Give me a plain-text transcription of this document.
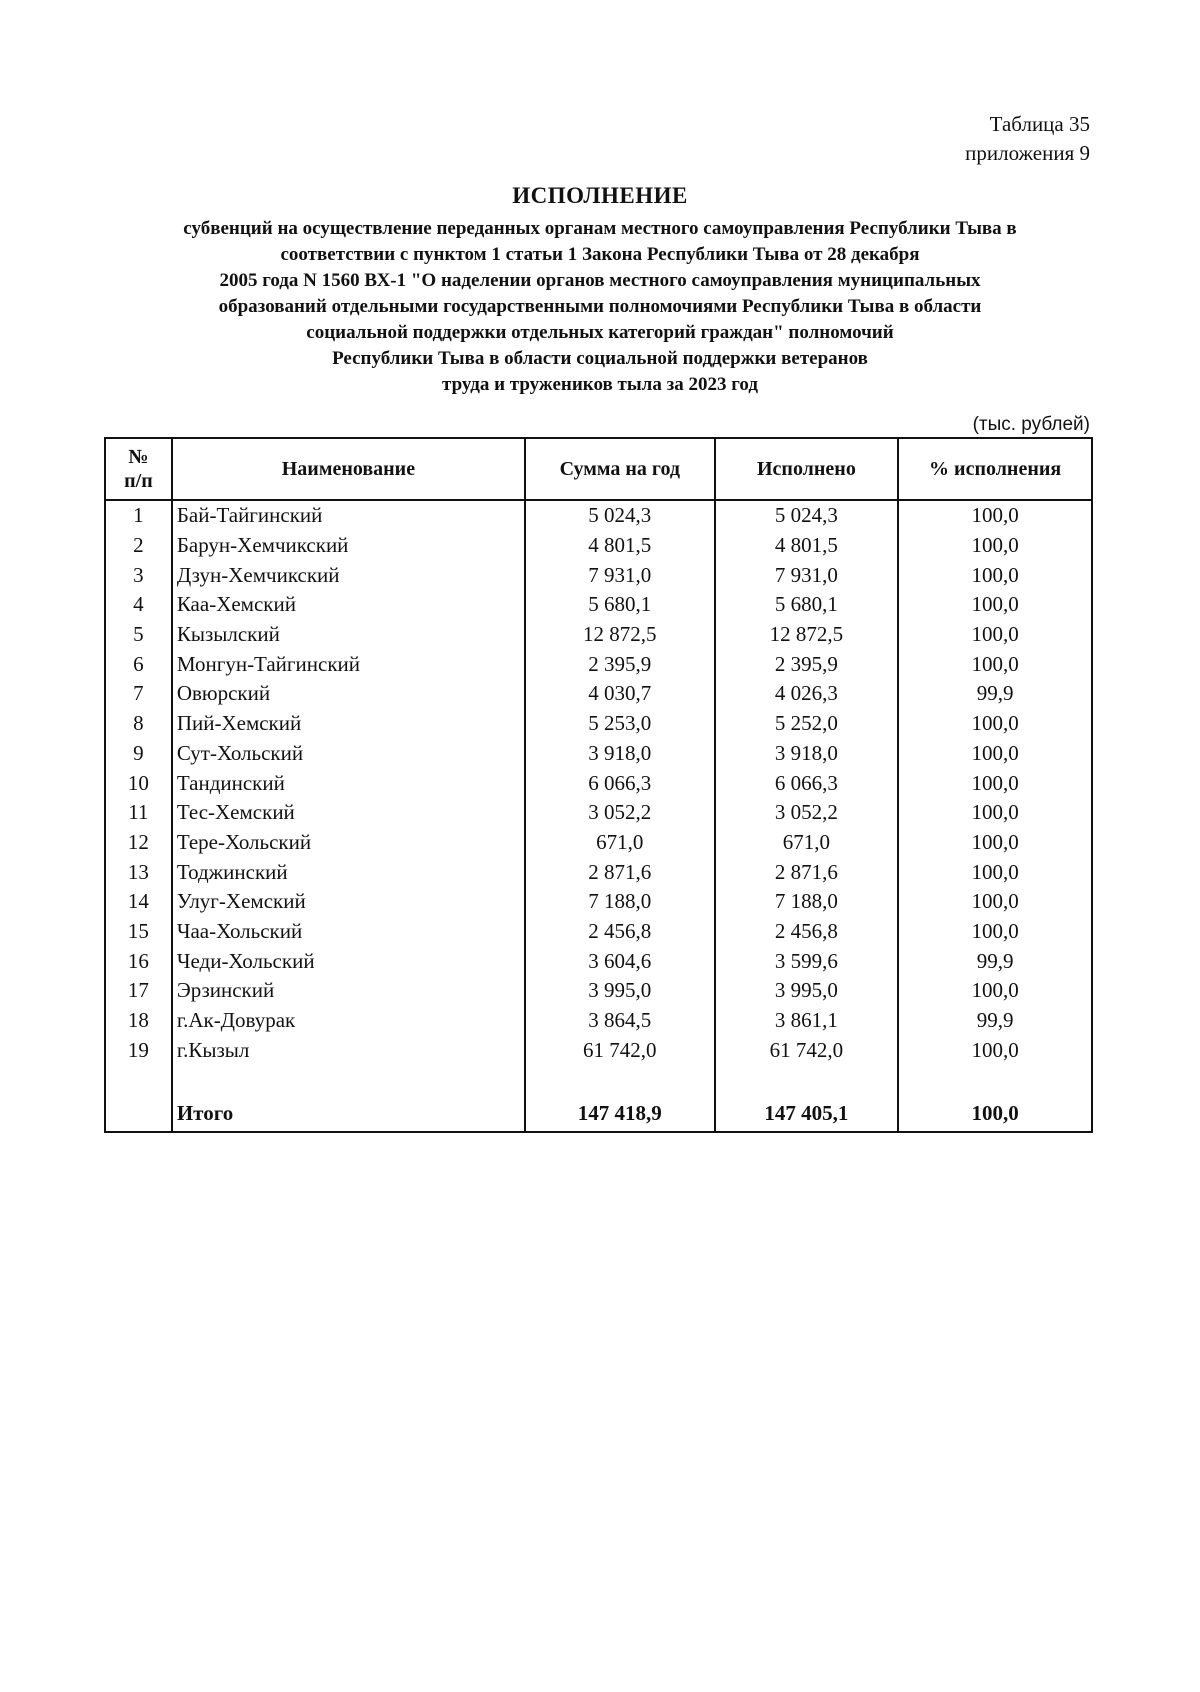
Таблица 35
приложения 9
ИСПОЛНЕНИЕ
субвенций на осуществление переданных органам местного самоуправления Республики Тыва в
соответствии с пунктом 1 статьи 1 Закона Республики Тыва от 28 декабря
2005 года N 1560 ВХ-1 "О наделении органов местного самоуправления муниципальных
образований отдельными государственными полномочиями Республики Тыва в области
социальной поддержки отдельных категорий граждан" полномочий
Республики Тыва в области социальной поддержки ветеранов
труда и тружеников тыла за 2023 год
(тыс. рублей)
№
п/п	Наименование	Сумма на год	Исполнено	% исполнения
1	Бай-Тайгинский	5 024,3	5 024,3	100,0
2	Барун-Хемчикский	4 801,5	4 801,5	100,0
3	Дзун-Хемчикский	7 931,0	7 931,0	100,0
4	Каа-Хемский	5 680,1	5 680,1	100,0
5	Кызылский	12 872,5	12 872,5	100,0
6	Монгун-Тайгинский	2 395,9	2 395,9	100,0
7	Овюрский	4 030,7	4 026,3	99,9
8	Пий-Хемский	5 253,0	5 252,0	100,0
9	Сут-Хольский	3 918,0	3 918,0	100,0
10	Тандинский	6 066,3	6 066,3	100,0
11	Тес-Хемский	3 052,2	3 052,2	100,0
12	Тере-Хольский	671,0	671,0	100,0
13	Тоджинский	2 871,6	2 871,6	100,0
14	Улуг-Хемский	7 188,0	7 188,0	100,0
15	Чаа-Хольский	2 456,8	2 456,8	100,0
16	Чеди-Хольский	3 604,6	3 599,6	99,9
17	Эрзинский	3 995,0	3 995,0	100,0
18	г.Ак-Довурак	3 864,5	3 861,1	99,9
19	г.Кызыл	61 742,0	61 742,0	100,0

	Итого	147 418,9	147 405,1	100,0
